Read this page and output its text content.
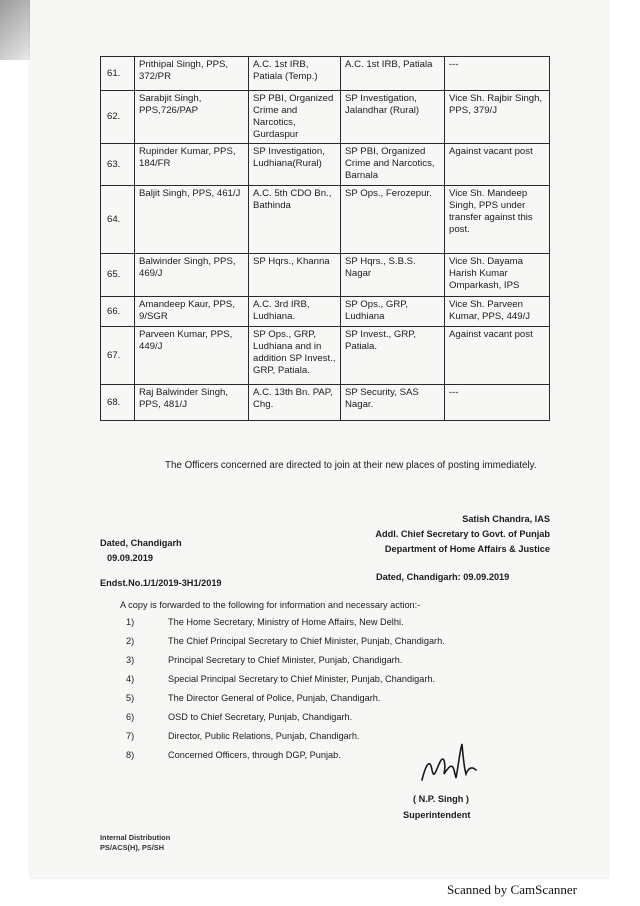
61.	Prithipal Singh, PPS, 372/PR	A.C. 1st IRB, Patiala (Temp.)	A.C. 1st IRB, Patiala	---
62.	Sarabjit Singh, PPS,726/PAP	SP PBI, Organized Crime and Narcotics, Gurdaspur	SP Investigation, Jalandhar (Rural)	Vice Sh. Rajbir Singh, PPS, 379/J
63.	Rupinder Kumar, PPS, 184/FR	SP Investigation, Ludhiana(Rural)	SP PBI, Organized Crime and Narcotics, Barnala	Against vacant post
64.	Baljit Singh, PPS, 461/J	A.C. 5th CDO Bn., Bathinda	SP Ops., Ferozepur.	Vice Sh. Mandeep Singh, PPS under transfer against this post.
65.	Balwinder Singh, PPS, 469/J	SP Hqrs., Khanna	SP Hqrs., S.B.S. Nagar	Vice Sh. Dayama Harish Kumar Omparkash, IPS
66.	Amandeep Kaur, PPS, 9/SGR	A.C. 3rd IRB, Ludhiana.	SP Ops., GRP, Ludhiana	Vice Sh. Parveen Kumar, PPS, 449/J
67.	Parveen Kumar, PPS, 449/J	SP Ops., GRP, Ludhiana and in addition SP Invest., GRP, Patiala.	SP Invest., GRP, Patiala.	Against vacant post
68.	Raj Balwinder Singh, PPS, 481/J	A.C. 13th Bn. PAP, Chg.	SP Security, SAS Nagar.	---
The Officers concerned are directed to join at their new places of posting immediately.
Satish Chandra, IAS
Addl. Chief Secretary to Govt. of Punjab
Department of Home Affairs & Justice
Dated, Chandigarh
09.09.2019
Endst.No.1/1/2019-3H1/2019
Dated, Chandigarh: 09.09.2019
A copy is forwarded to the following for information and necessary action:-
1)	The Home Secretary, Ministry of Home Affairs, New Delhi.
2)	The Chief Principal Secretary to Chief Minister, Punjab, Chandigarh.
3)	Principal Secretary to Chief Minister, Punjab, Chandigarh.
4)	Special Principal Secretary to Chief Minister, Punjab, Chandigarh.
5)	The Director General of Police, Punjab, Chandigarh.
6)	OSD to Chief Secretary, Punjab, Chandigarh.
7)	Director, Public Relations, Punjab, Chandigarh.
8)	Concerned Officers, through DGP, Punjab.
( N.P. Singh )
Superintendent
Internal Distribution
PS/ACS(H), PS/SH
Scanned by CamScanner
